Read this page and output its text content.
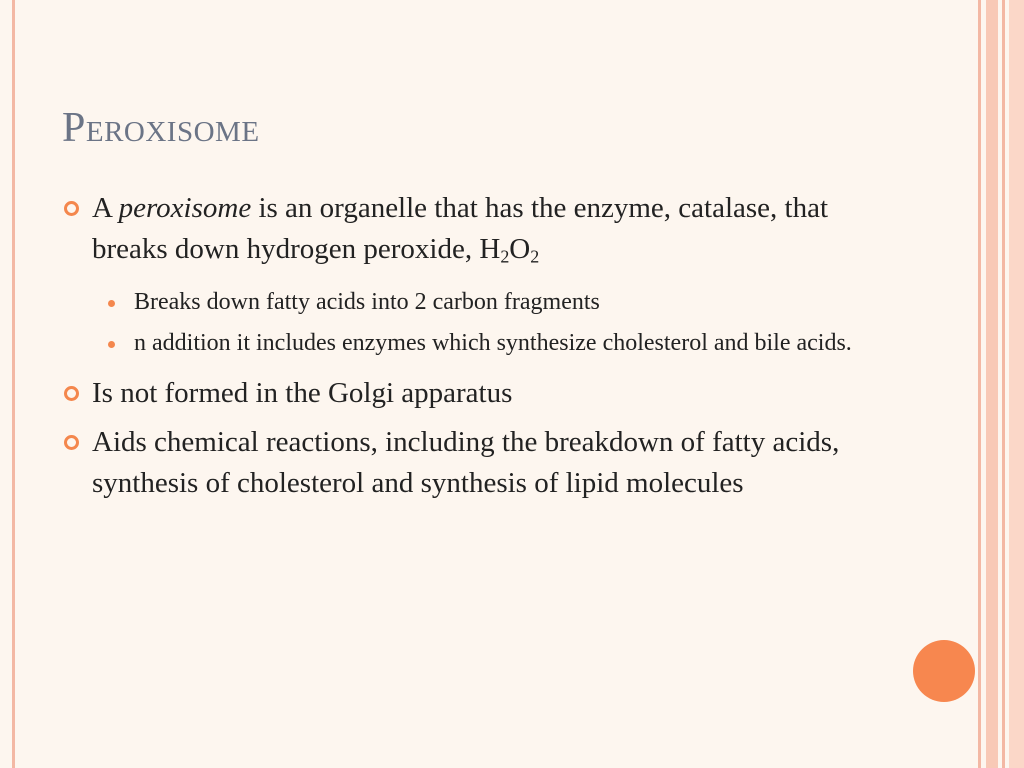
Peroxisome
A peroxisome is an organelle that has the enzyme, catalase, that breaks down hydrogen peroxide, $H_2O_2$
Breaks down fatty acids into 2 carbon fragments
n addition it includes enzymes which synthesize cholesterol and bile acids.
Is not formed in the Golgi apparatus
Aids chemical reactions, including the breakdown of fatty acids, synthesis of cholesterol and synthesis of lipid molecules
